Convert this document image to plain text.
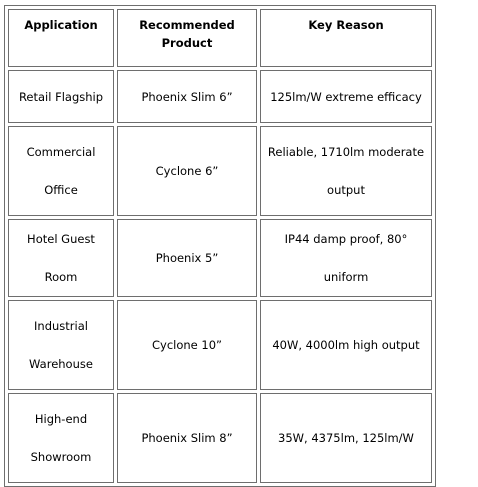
Application	Recommended Product	Key Reason
Retail Flagship	Phoenix Slim 6”	125lm/W extreme efficacy
Commercial Office	Cyclone 6”	Reliable, 1710lm moderate output
Hotel Guest Room	Phoenix 5”	IP44 damp proof, 80° uniform
Industrial Warehouse	Cyclone 10”	40W, 4000lm high output
High-end Showroom	Phoenix Slim 8”	35W, 4375lm, 125lm/W
